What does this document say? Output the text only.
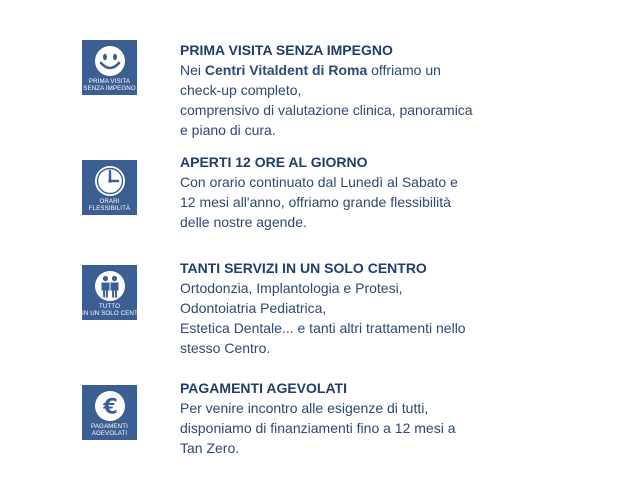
PRIMA VISITA
SENZA IMPEGNO
PRIMA VISITA SENZA IMPEGNO
Nei Centri Vitaldent di Roma offriamo un
check-up completo,
comprensivo di valutazione clinica, panoramica
e piano di cura.
ORARI
FLESSIBILITÀ
APERTI 12 ORE AL GIORNO
Con orario continuato dal Lunedì al Sabato e
12 mesi all'anno, offriamo grande flessibilità
delle nostre agende.
TUTTO
IN UN SOLO CENTRO
TANTI SERVIZI IN UN SOLO CENTRO
Ortodonzia, Implantologia e Protesi,
Odontoiatria Pediatrica,
Estetica Dentale... e tanti altri trattamenti nello
stesso Centro.
€
PAGAMENTI
AGEVOLATI
PAGAMENTI AGEVOLATI
Per venire incontro alle esigenze di tutti,
disponiamo di finanziamenti fino a 12 mesi a
Tan Zero.
